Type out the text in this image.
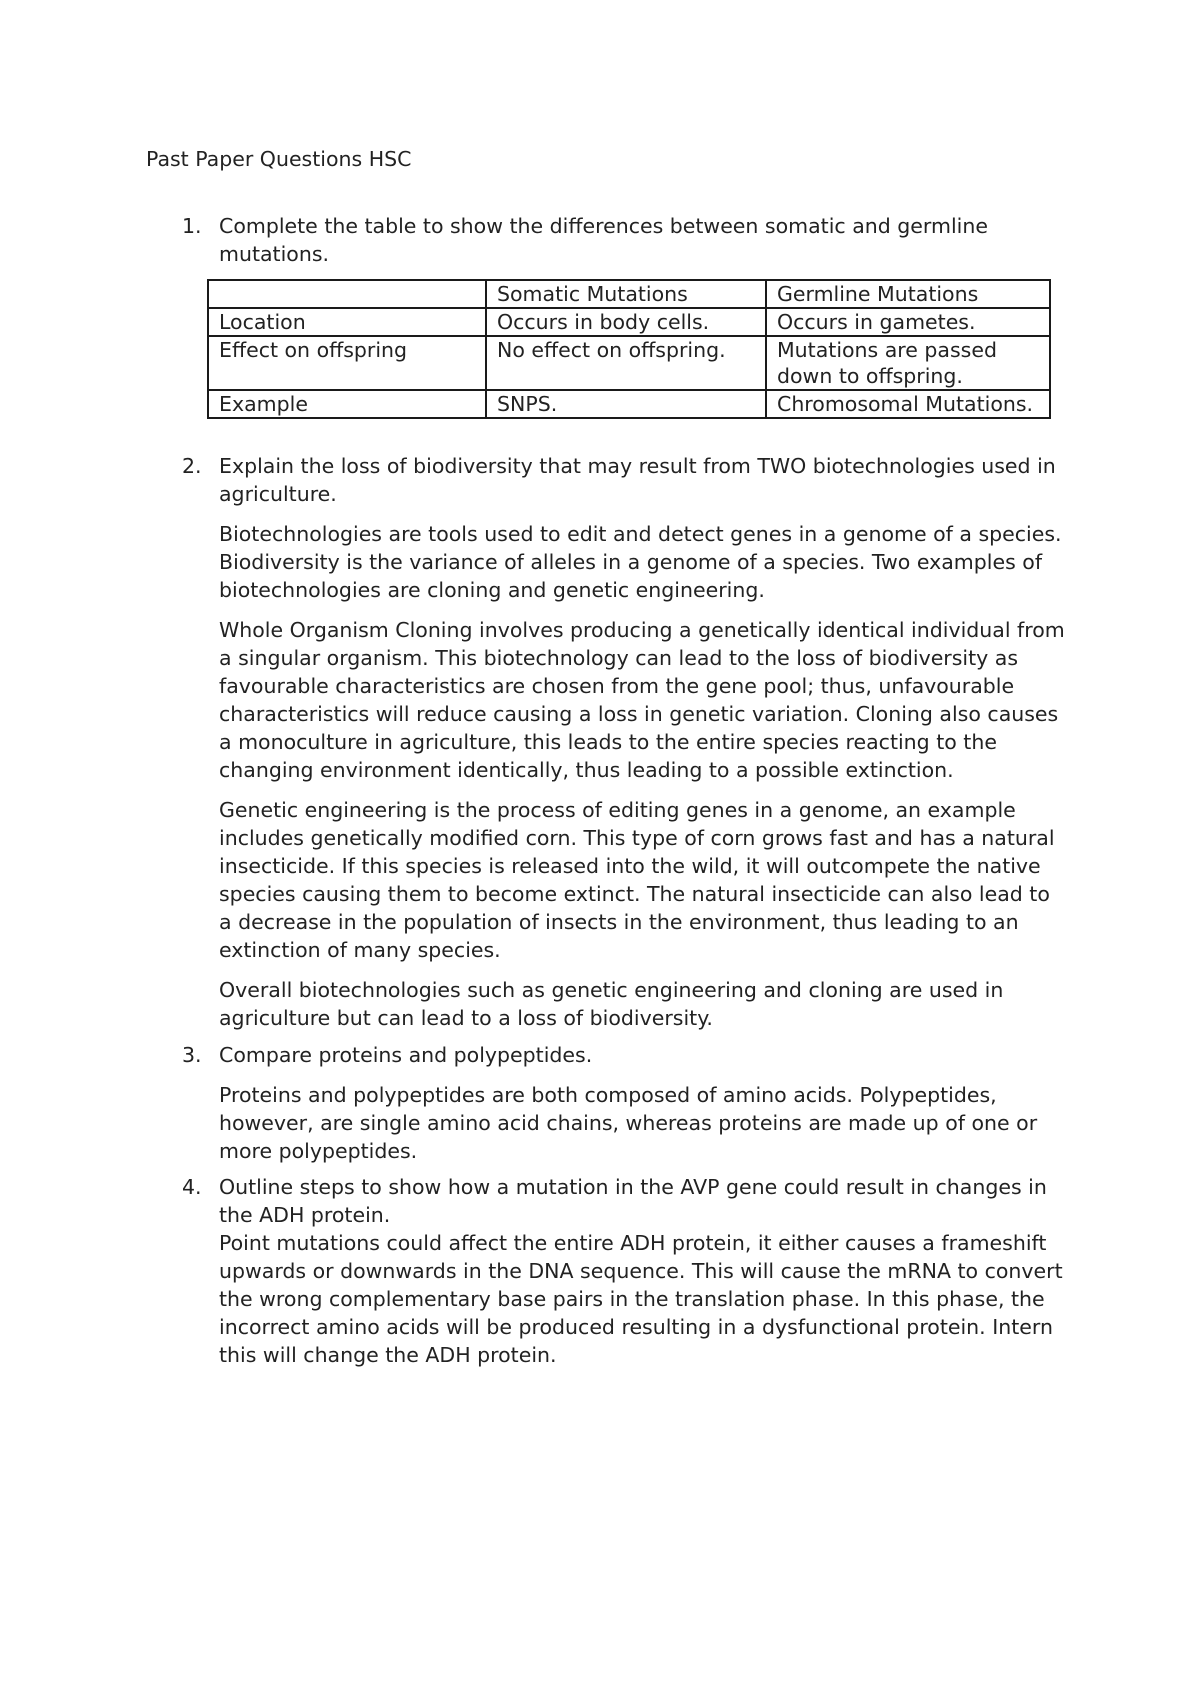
Past Paper Questions HSC
1. Complete the table to show the differences between somatic and germline mutations.

	Somatic Mutations	Germline Mutations
Location	Occurs in body cells.	Occurs in gametes.
Effect on offspring	No effect on offspring.	Mutations are passed down to offspring.
Example	SNPS.	Chromosomal Mutations.
2. Explain the loss of biodiversity that may result from TWO biotechnologies used in agriculture.

Biotechnologies are tools used to edit and detect genes in a genome of a species. Biodiversity is the variance of alleles in a genome of a species. Two examples of biotechnologies are cloning and genetic engineering.

Whole Organism Cloning involves producing a genetically identical individual from a singular organism. This biotechnology can lead to the loss of biodiversity as favourable characteristics are chosen from the gene pool; thus, unfavourable characteristics will reduce causing a loss in genetic variation. Cloning also causes a monoculture in agriculture, this leads to the entire species reacting to the changing environment identically, thus leading to a possible extinction.

Genetic engineering is the process of editing genes in a genome, an example includes genetically modified corn. This type of corn grows fast and has a natural insecticide. If this species is released into the wild, it will outcompete the native species causing them to become extinct. The natural insecticide can also lead to a decrease in the population of insects in the environment, thus leading to an extinction of many species.

Overall biotechnologies such as genetic engineering and cloning are used in agriculture but can lead to a loss of biodiversity.

3. Compare proteins and polypeptides.

Proteins and polypeptides are both composed of amino acids. Polypeptides, however, are single amino acid chains, whereas proteins are made up of one or more polypeptides.

4. Outline steps to show how a mutation in the AVP gene could result in changes in the ADH protein.

Point mutations could affect the entire ADH protein, it either causes a frameshift upwards or downwards in the DNA sequence. This will cause the mRNA to convert the wrong complementary base pairs in the translation phase. In this phase, the incorrect amino acids will be produced resulting in a dysfunctional protein. Intern this will change the ADH protein.
